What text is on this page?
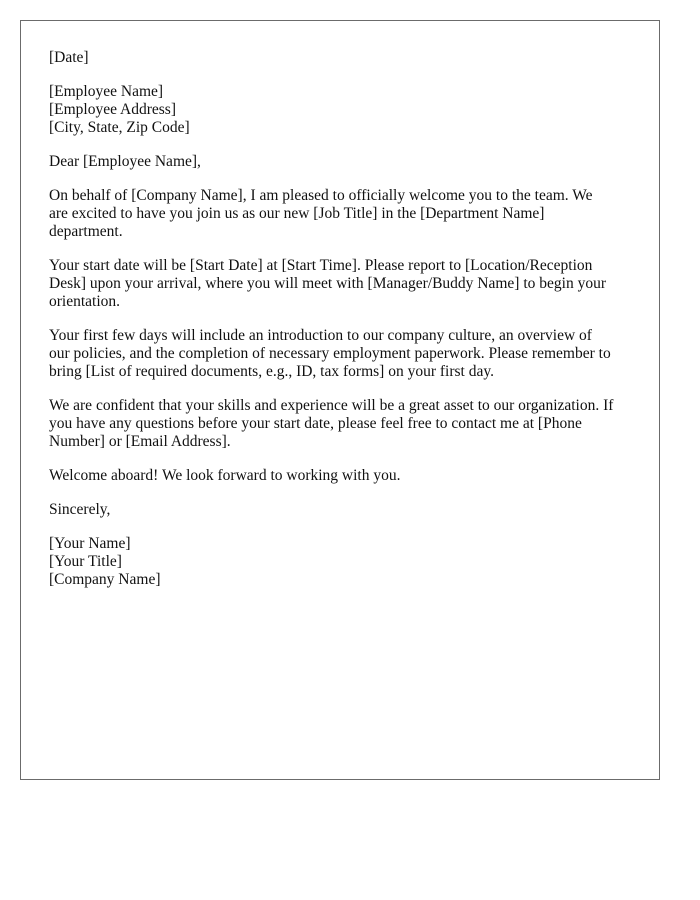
[Date]
[Employee Name]
[Employee Address]
[City, State, Zip Code]
Dear [Employee Name],
On behalf of [Company Name], I am pleased to officially welcome you to the team. We
are excited to have you join us as our new [Job Title] in the [Department Name]
department.
Your start date will be [Start Date] at [Start Time]. Please report to [Location/Reception
Desk] upon your arrival, where you will meet with [Manager/Buddy Name] to begin your
orientation.
Your first few days will include an introduction to our company culture, an overview of
our policies, and the completion of necessary employment paperwork. Please remember to
bring [List of required documents, e.g., ID, tax forms] on your first day.
We are confident that your skills and experience will be a great asset to our organization. If
you have any questions before your start date, please feel free to contact me at [Phone
Number] or [Email Address].
Welcome aboard! We look forward to working with you.
Sincerely,
[Your Name]
[Your Title]
[Company Name]
